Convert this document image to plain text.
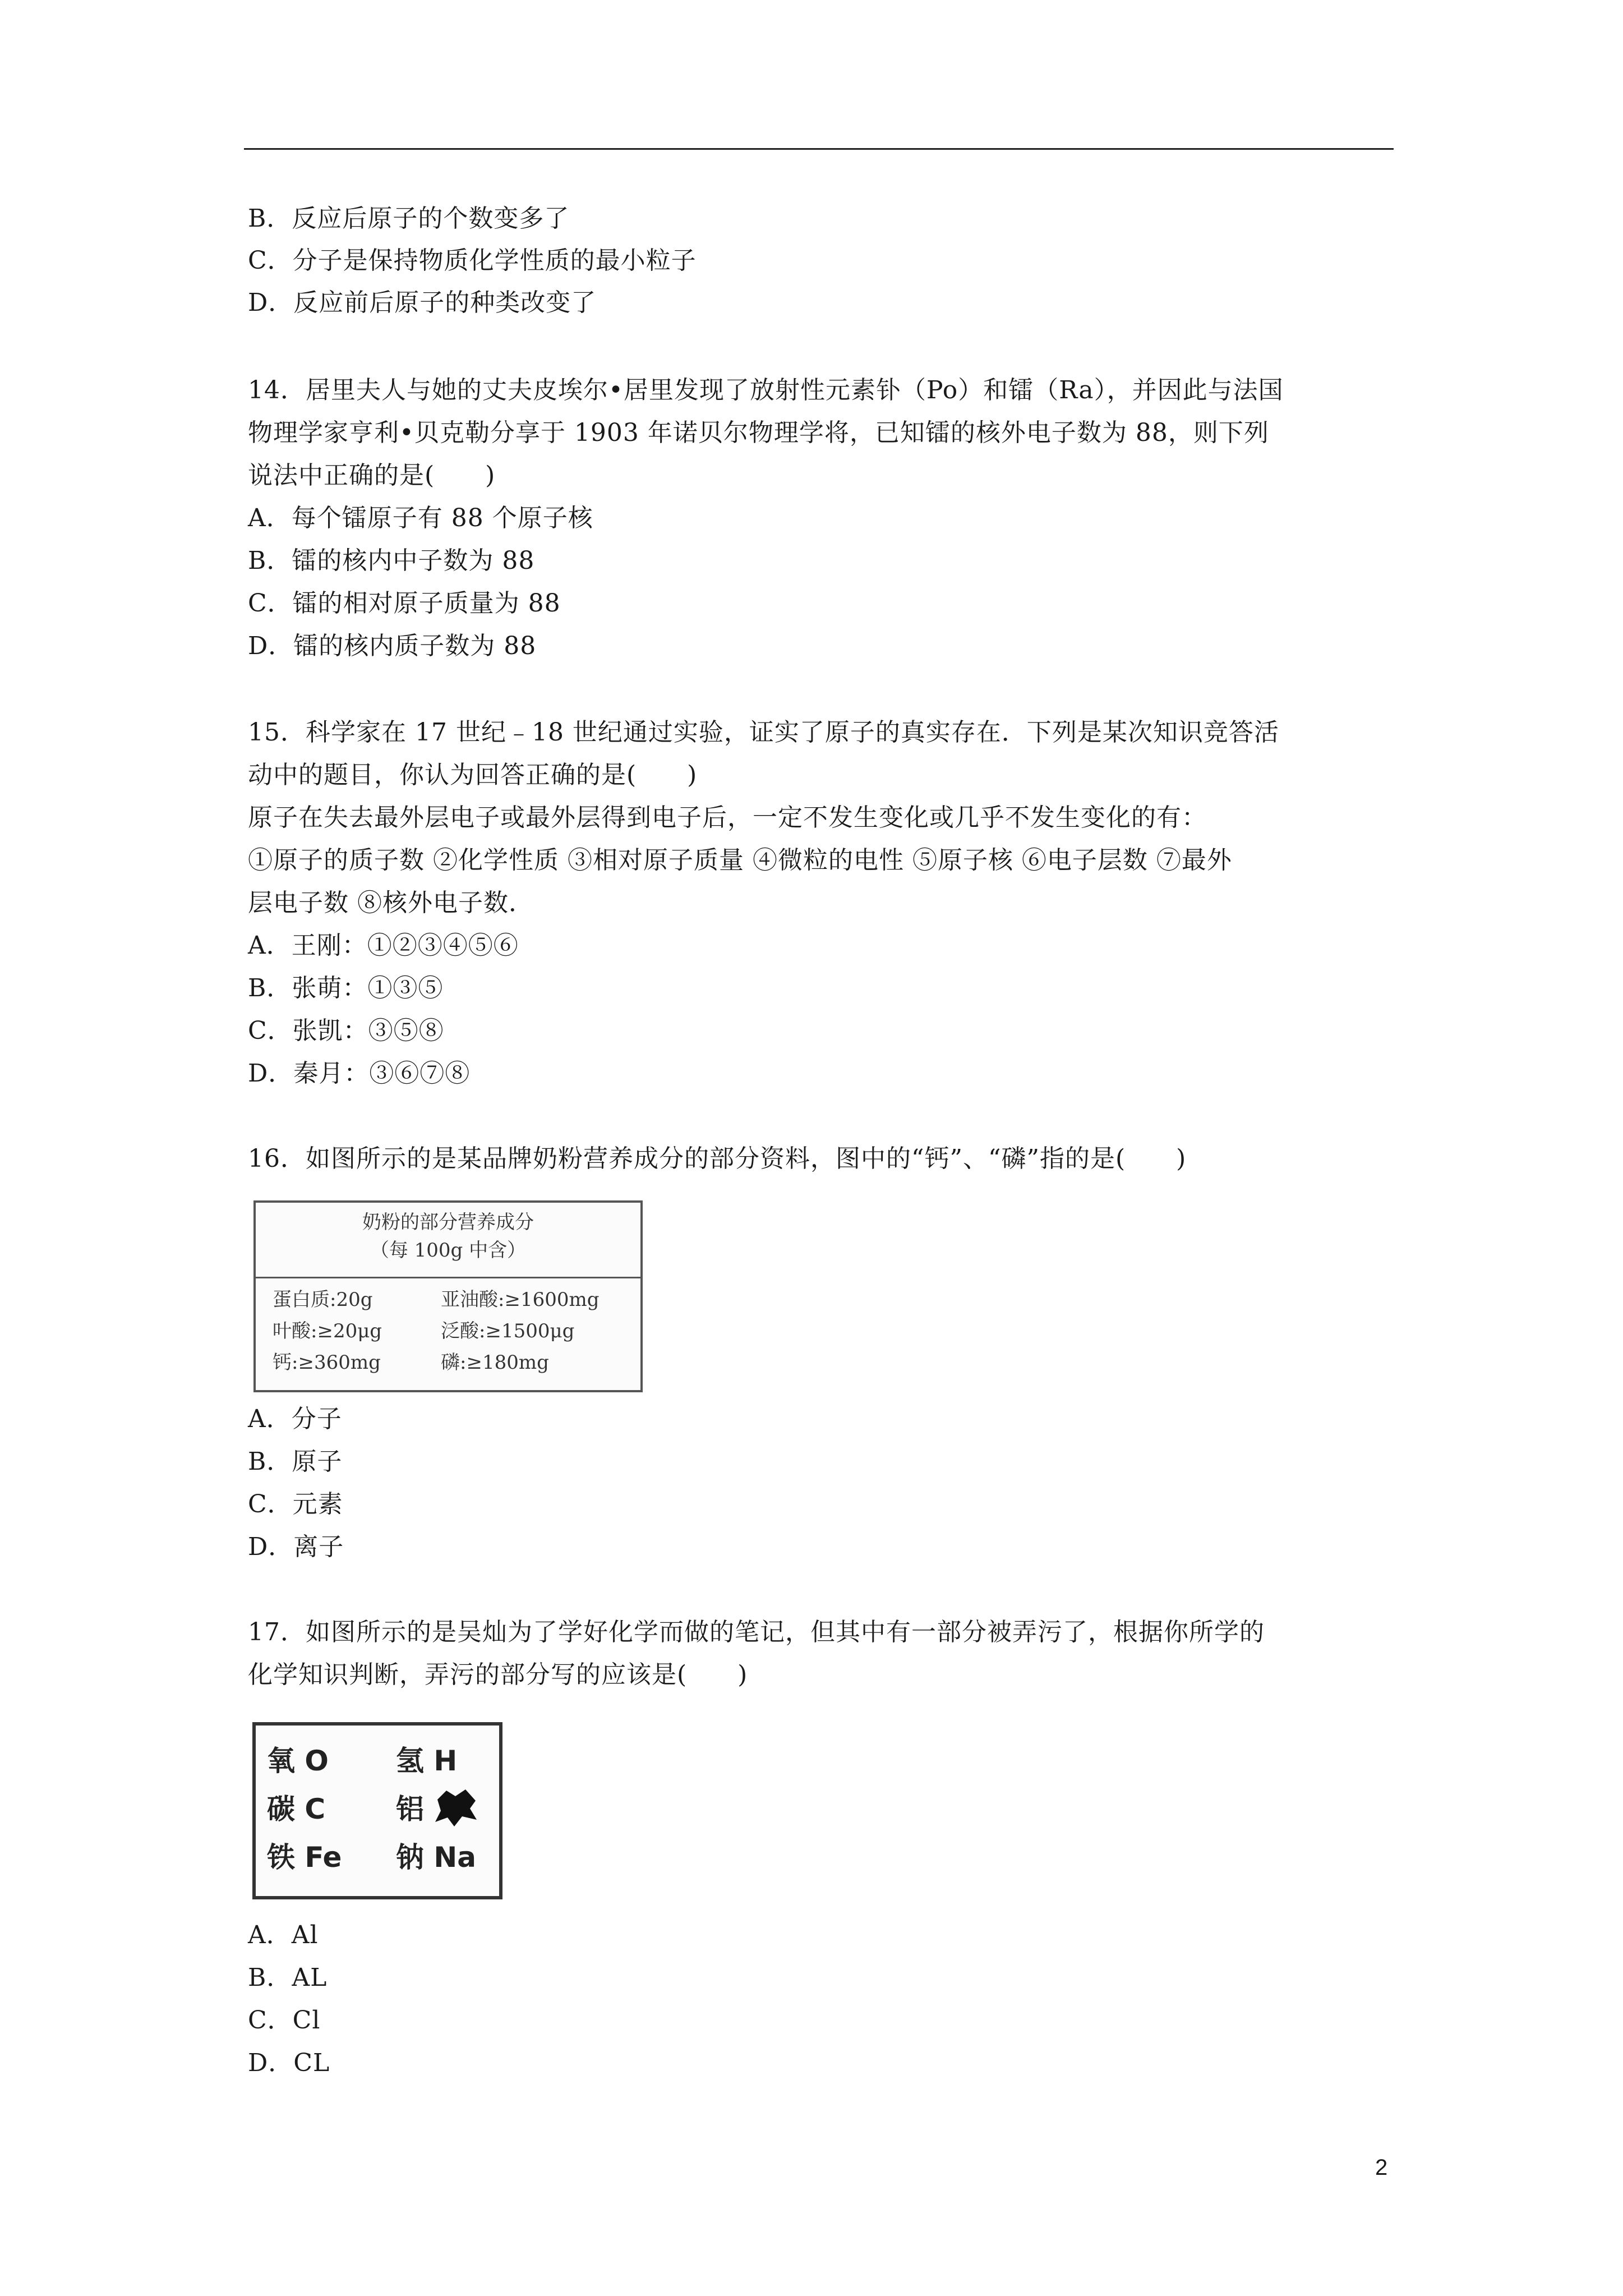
B．反应后原子的个数变多了
C．分子是保持物质化学性质的最小粒子
D．反应前后原子的种类改变了
14．居里夫人与她的丈夫皮埃尔•居里发现了放射性元素钋（Po）和镭（Ra），并因此与法国
物理学家亨利•贝克勒分享于 1903 年诺贝尔物理学将，已知镭的核外电子数为 88，则下列
说法中正确的是(　　)
A．每个镭原子有 88 个原子核
B．镭的核内中子数为 88
C．镭的相对原子质量为 88
D．镭的核内质子数为 88
15．科学家在 17 世纪﹣18 世纪通过实验，证实了原子的真实存在．下列是某次知识竞答活
动中的题目，你认为回答正确的是(　　)
原子在失去最外层电子或最外层得到电子后，一定不发生变化或几乎不发生变化的有：
①原子的质子数 ②化学性质 ③相对原子质量 ④微粒的电性 ⑤原子核 ⑥电子层数 ⑦最外
层电子数 ⑧核外电子数．
A．王刚：①②③④⑤⑥
B．张萌：①③⑤
C．张凯：③⑤⑧
D．秦月：③⑥⑦⑧
16．如图所示的是某品牌奶粉营养成分的部分资料，图中的“钙”、“磷”指的是(　　)
奶粉的部分营养成分
（每 100g 中含）
蛋白质:20g	亚油酸:≥1600mg
叶酸:≥20μg	泛酸:≥1500μg
钙:≥360mg	磷:≥180mg
A．分子
B．原子
C．元素
D．离子
17．如图所示的是吴灿为了学好化学而做的笔记，但其中有一部分被弄污了，根据你所学的
化学知识判断，弄污的部分写的应该是(　　)
氧 O	氢 H
碳 C	铝
铁 Fe	钠 Na
A．Al
B．AL
C．Cl
D．CL
2
